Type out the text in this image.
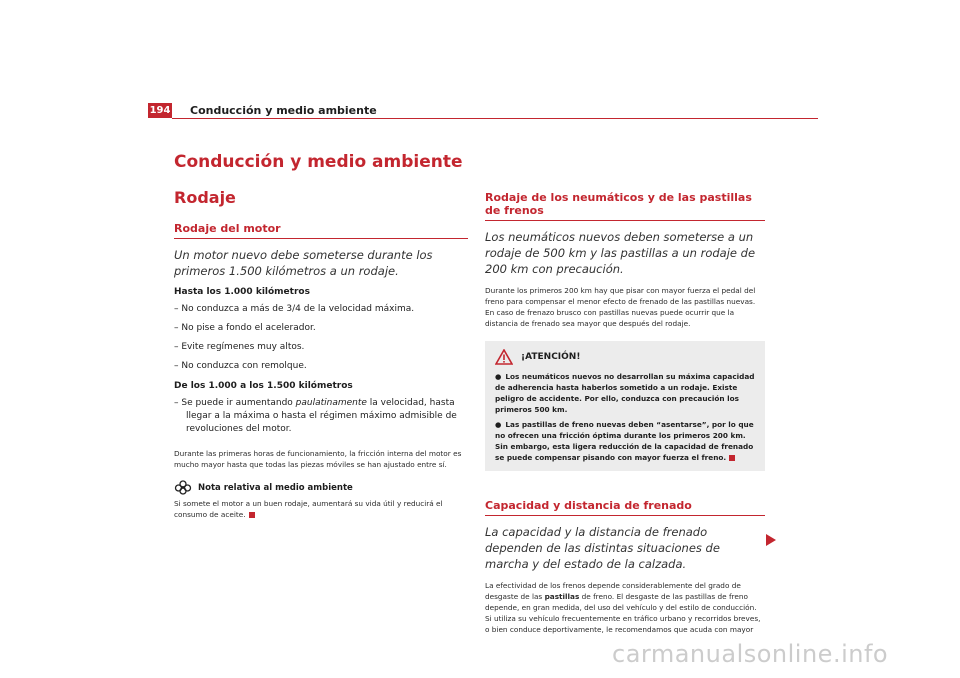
194 Conducción y medio ambiente
Conducción y medio ambiente
Rodaje
Rodaje del motor
Un motor nuevo debe someterse durante los primeros 1.500 kilómetros a un rodaje.
Hasta los 1.000 kilómetros
– No conduzca a más de 3/4 de la velocidad máxima.
– No pise a fondo el acelerador.
– Evite regímenes muy altos.
– No conduzca con remolque.
De los 1.000 a los 1.500 kilómetros
– Se puede ir aumentando paulatinamente la velocidad, hasta llegar a la máxima o hasta el régimen máximo admisible de revoluciones del motor.
Durante las primeras horas de funcionamiento, la fricción interna del motor es mucho mayor hasta que todas las piezas móviles se han ajustado entre sí.
Nota relativa al medio ambiente
Si somete el motor a un buen rodaje, aumentará su vida útil y reducirá el consumo de aceite.
Rodaje de los neumáticos y de las pastillas de frenos
Los neumáticos nuevos deben someterse a un rodaje de 500 km y las pastillas a un rodaje de 200 km con precaución.
Durante los primeros 200 km hay que pisar con mayor fuerza el pedal del freno para compensar el menor efecto de frenado de las pastillas nuevas. En caso de frenazo brusco con pastillas nuevas puede ocurrir que la distancia de frenado sea mayor que después del rodaje.
¡ATENCIÓN!
● Los neumáticos nuevos no desarrollan su máxima capacidad de adherencia hasta haberlos sometido a un rodaje. Existe peligro de accidente. Por ello, conduzca con precaución los primeros 500 km.
● Las pastillas de freno nuevas deben “asentarse”, por lo que no ofrecen una fricción óptima durante los primeros 200 km. Sin embargo, esta ligera reducción de la capacidad de frenado se puede compensar pisando con mayor fuerza el freno.
Capacidad y distancia de frenado
La capacidad y la distancia de frenado dependen de las distintas situaciones de marcha y del estado de la calzada.
La efectividad de los frenos depende considerablemente del grado de desgaste de las pastillas de freno. El desgaste de las pastillas de freno depende, en gran medida, del uso del vehículo y del estilo de conducción. Si utiliza su vehículo frecuentemente en tráfico urbano y recorridos breves, o bien conduce deportivamente, le recomendamos que acuda con mayor
carmanualsonline.info
